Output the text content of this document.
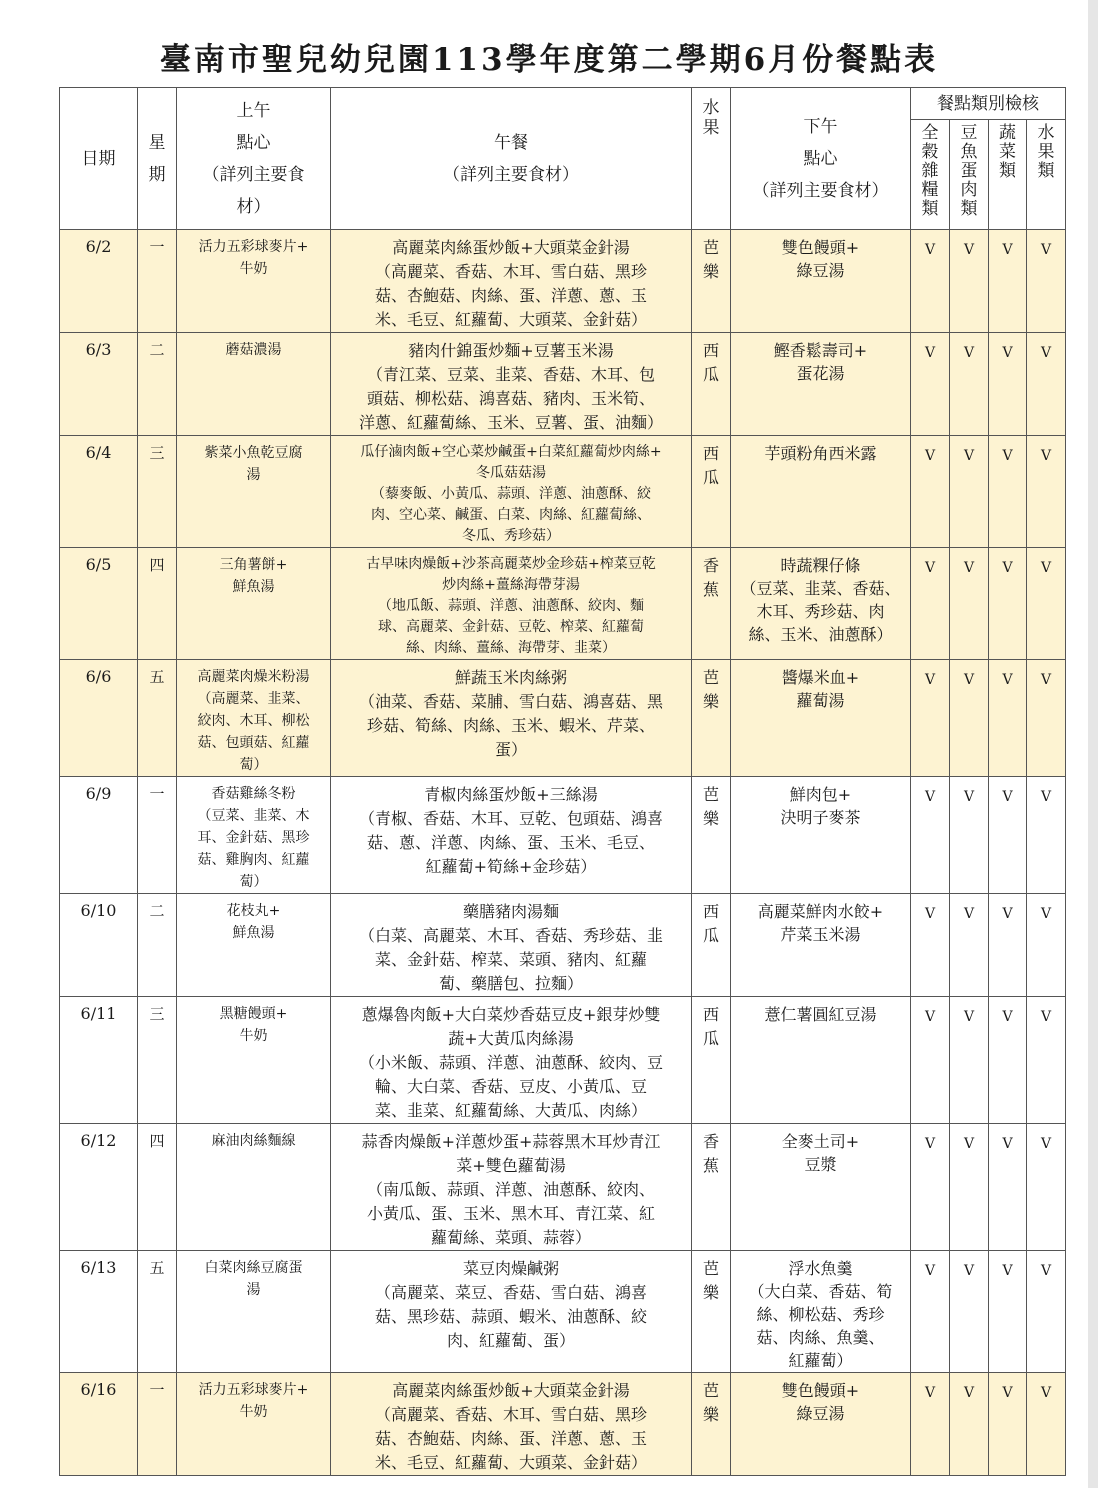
臺南市聖兒幼兒園113學年度第二學期6月份餐點表
日期	星
期	上午
點心
（詳列主要食
材）	午餐
（詳列主要食材）	水
果	下午
點心
（詳列主要食材）	餐點類別檢核			

						全
穀
雜
糧
類	豆
魚
蛋
肉
類	蔬
菜
類	水
果
類

6/2	一	活力五彩球麥片+
牛奶	高麗菜肉絲蛋炒飯+大頭菜金針湯
（高麗菜、香菇、木耳、雪白菇、黑珍
菇、杏鮑菇、肉絲、蛋、洋蔥、蔥、玉
米、毛豆、紅蘿蔔、大頭菜、金針菇）	芭
樂	雙色饅頭+
綠豆湯	V	V	V	V
6/3	二	蘑菇濃湯	豬肉什錦蛋炒麵+豆薯玉米湯
（青江菜、豆菜、韭菜、香菇、木耳、包
頭菇、柳松菇、鴻喜菇、豬肉、玉米筍、
洋蔥、紅蘿蔔絲、玉米、豆薯、蛋、油麵）	西
瓜	鰹香鬆壽司+
蛋花湯	V	V	V	V
6/4	三	紫菜小魚乾豆腐
湯	瓜仔滷肉飯+空心菜炒鹹蛋+白菜紅蘿蔔炒肉絲+
冬瓜菇菇湯
（藜麥飯、小黃瓜、蒜頭、洋蔥、油蔥酥、絞
肉、空心菜、鹹蛋、白菜、肉絲、紅蘿蔔絲、
冬瓜、秀珍菇）	西
瓜	芋頭粉角西米露	V	V	V	V
6/5	四	三角薯餅+
鮮魚湯	古早味肉燥飯+沙茶高麗菜炒金珍菇+榨菜豆乾
炒肉絲+薑絲海帶芽湯
（地瓜飯、蒜頭、洋蔥、油蔥酥、絞肉、麵
球、高麗菜、金針菇、豆乾、榨菜、紅蘿蔔
絲、肉絲、薑絲、海帶芽、韭菜）	香
蕉	時蔬粿仔條
（豆菜、韭菜、香菇、
木耳、秀珍菇、肉
絲、玉米、油蔥酥）	V	V	V	V
6/6	五	高麗菜肉燥米粉湯
（高麗菜、韭菜、
絞肉、木耳、柳松
菇、包頭菇、紅蘿
蔔）	鮮蔬玉米肉絲粥
（油菜、香菇、菜脯、雪白菇、鴻喜菇、黑
珍菇、筍絲、肉絲、玉米、蝦米、芹菜、
蛋）	芭
樂	醬爆米血+
蘿蔔湯	V	V	V	V
6/9	一	香菇雞絲冬粉
（豆菜、韭菜、木
耳、金針菇、黑珍
菇、雞胸肉、紅蘿
蔔）	青椒肉絲蛋炒飯+三絲湯
（青椒、香菇、木耳、豆乾、包頭菇、鴻喜
菇、蔥、洋蔥、肉絲、蛋、玉米、毛豆、
紅蘿蔔+筍絲+金珍菇）	芭
樂	鮮肉包+
決明子麥茶	V	V	V	V
6/10	二	花枝丸+
鮮魚湯	藥膳豬肉湯麵
（白菜、高麗菜、木耳、香菇、秀珍菇、韭
菜、金針菇、榨菜、菜頭、豬肉、紅蘿
蔔、藥膳包、拉麵）	西
瓜	高麗菜鮮肉水餃+
芹菜玉米湯	V	V	V	V
6/11	三	黑糖饅頭+
牛奶	蔥爆魯肉飯+大白菜炒香菇豆皮+銀芽炒雙
蔬+大黃瓜肉絲湯
（小米飯、蒜頭、洋蔥、油蔥酥、絞肉、豆
輪、大白菜、香菇、豆皮、小黃瓜、豆
菜、韭菜、紅蘿蔔絲、大黃瓜、肉絲）	西
瓜	薏仁薯圓紅豆湯	V	V	V	V
6/12	四	麻油肉絲麵線	蒜香肉燥飯+洋蔥炒蛋+蒜蓉黑木耳炒青江
菜+雙色蘿蔔湯
（南瓜飯、蒜頭、洋蔥、油蔥酥、絞肉、
小黃瓜、蛋、玉米、黑木耳、青江菜、紅
蘿蔔絲、菜頭、蒜蓉）	香
蕉	全麥土司+
豆漿	V	V	V	V
6/13	五	白菜肉絲豆腐蛋
湯	菜豆肉燥鹹粥
（高麗菜、菜豆、香菇、雪白菇、鴻喜
菇、黑珍菇、蒜頭、蝦米、油蔥酥、絞
肉、紅蘿蔔、蛋）	芭
樂	浮水魚羹
（大白菜、香菇、筍
絲、柳松菇、秀珍
菇、肉絲、魚羹、
紅蘿蔔）	V	V	V	V
6/16	一	活力五彩球麥片+
牛奶	高麗菜肉絲蛋炒飯+大頭菜金針湯
（高麗菜、香菇、木耳、雪白菇、黑珍
菇、杏鮑菇、肉絲、蛋、洋蔥、蔥、玉
米、毛豆、紅蘿蔔、大頭菜、金針菇）	芭
樂	雙色饅頭+
綠豆湯	V	V	V	V
